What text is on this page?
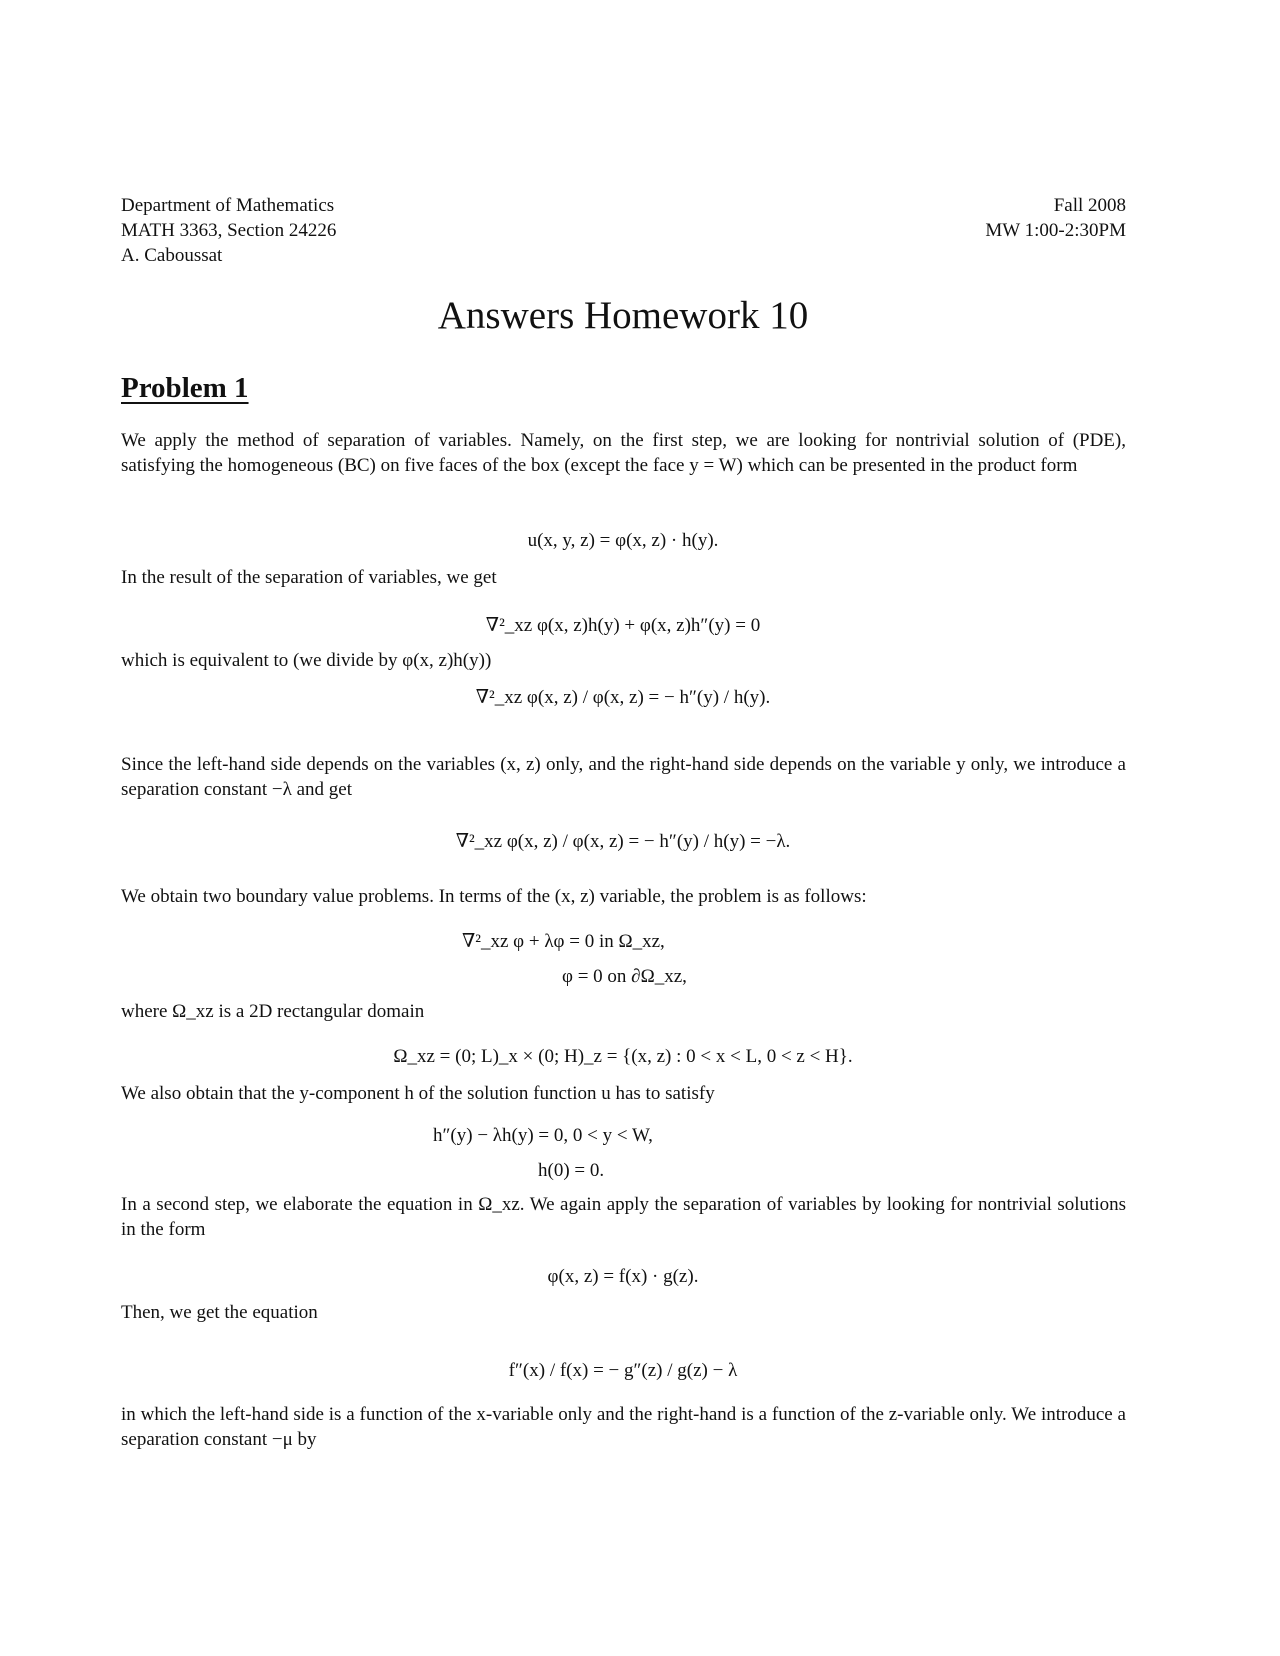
Department of Mathematics
MATH 3363, Section 24226
A. Caboussat
Fall 2008
MW 1:00-2:30PM
Answers Homework 10
Problem 1
We apply the method of separation of variables. Namely, on the first step, we are looking for nontrivial solution of (PDE), satisfying the homogeneous (BC) on five faces of the box (except the face y = W) which can be presented in the product form
u(x, y, z) = φ(x, z) · h(y).
In the result of the separation of variables, we get
∇²_xz φ(x, z)h(y) + φ(x, z)h″(y) = 0
which is equivalent to (we divide by φ(x, z)h(y))
∇²_xz φ(x, z) / φ(x, z) = − h″(y) / h(y).
Since the left-hand side depends on the variables (x, z) only, and the right-hand side depends on the variable y only, we introduce a separation constant −λ and get
∇²_xz φ(x, z) / φ(x, z) = − h″(y) / h(y) = −λ.
We obtain two boundary value problems. In terms of the (x, z) variable, the problem is as follows:
∇²_xz φ + λφ = 0 in Ω_xz,
φ = 0 on ∂Ω_xz,
where Ω_xz is a 2D rectangular domain
Ω_xz = (0; L)_x × (0; H)_z = {(x, z) : 0 < x < L, 0 < z < H}.
We also obtain that the y-component h of the solution function u has to satisfy
h″(y) − λh(y) = 0, 0 < y < W,
h(0) = 0.
In a second step, we elaborate the equation in Ω_xz. We again apply the separation of variables by looking for nontrivial solutions in the form
φ(x, z) = f(x) · g(z).
Then, we get the equation
f″(x) / f(x) = − g″(z) / g(z) − λ
in which the left-hand side is a function of the x-variable only and the right-hand is a function of the z-variable only. We introduce a separation constant −μ by
